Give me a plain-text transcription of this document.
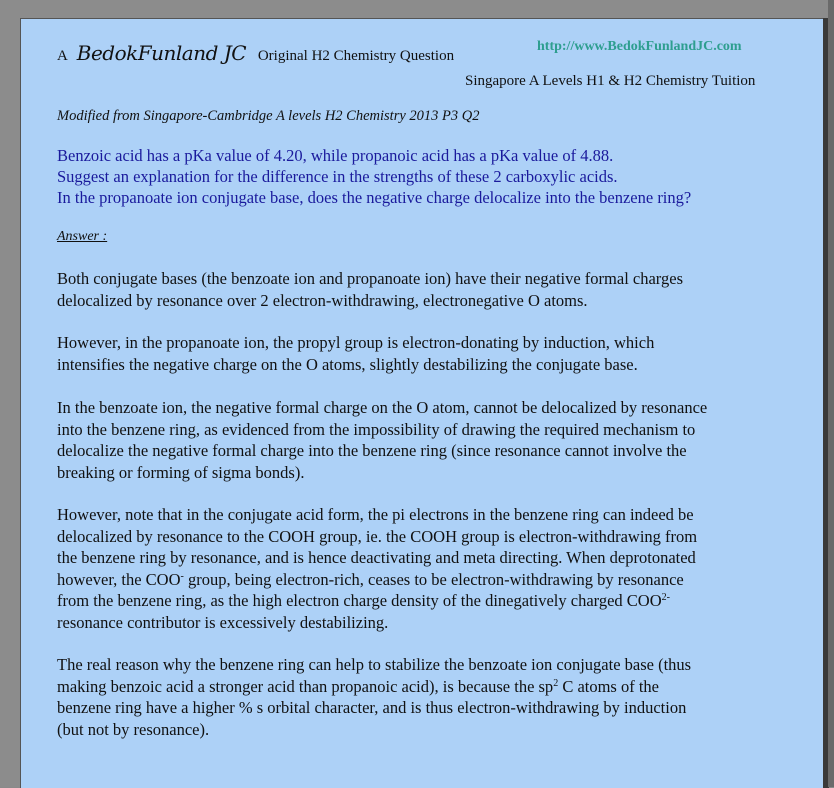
A BedokFunland JC Original H2 Chemistry Question
http://www.BedokFunlandJC.com
Singapore A Levels H1 & H2 Chemistry Tuition
Modified from Singapore-Cambridge A levels H2 Chemistry 2013 P3 Q2
Benzoic acid has a pKa value of 4.20, while propanoic acid has a pKa value of 4.88.
Suggest an explanation for the difference in the strengths of these 2 carboxylic acids.
In the propanoate ion conjugate base, does the negative charge delocalize into the benzene ring?
Answer :
Both conjugate bases (the benzoate ion and propanoate ion) have their negative formal charges
delocalized by resonance over 2 electron-withdrawing, electronegative O atoms.
However, in the propanoate ion, the propyl group is electron-donating by induction, which
intensifies the negative charge on the O atoms, slightly destabilizing the conjugate base.
In the benzoate ion, the negative formal charge on the O atom, cannot be delocalized by resonance
into the benzene ring, as evidenced from the impossibility of drawing the required mechanism to
delocalize the negative formal charge into the benzene ring (since resonance cannot involve the
breaking or forming of sigma bonds).
However, note that in the conjugate acid form, the pi electrons in the benzene ring can indeed be
delocalized by resonance to the COOH group, ie. the COOH group is electron-withdrawing from
the benzene ring by resonance, and is hence deactivating and meta directing. When deprotonated
however, the COO- group, being electron-rich, ceases to be electron-withdrawing by resonance
from the benzene ring, as the high electron charge density of the dinegatively charged $COO^{2-}$
resonance contributor is excessively destabilizing.
The real reason why the benzene ring can help to stabilize the benzoate ion conjugate base (thus
making benzoic acid a stronger acid than propanoic acid), is because the $sp^2$ C atoms of the
benzene ring have a higher % s orbital character, and is thus electron-withdrawing by induction
(but not by resonance).
